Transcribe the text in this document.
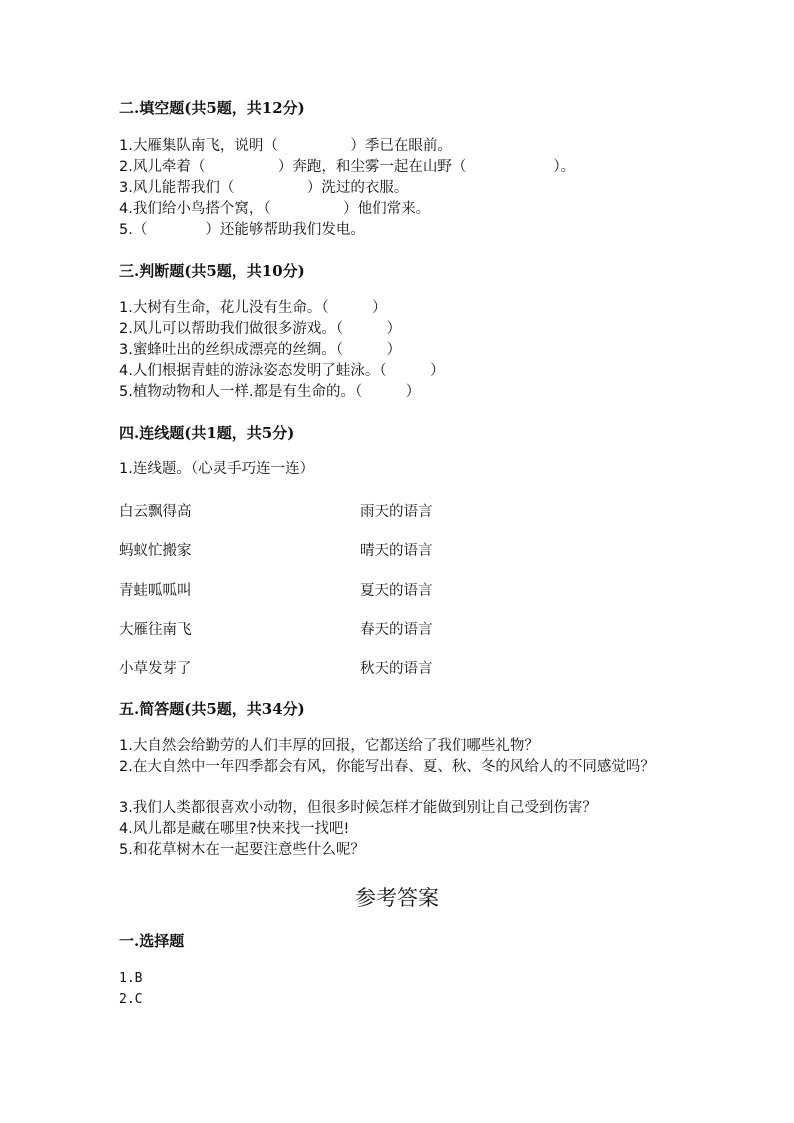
二.填空题(共5题，共12分)
1.大雁集队南飞，说明（　　　　　）季已在眼前。
2.风儿牵着（　　　　　）奔跑，和尘雾一起在山野（　　　　　　）。
3.风儿能帮我们（　　　　　）洗过的衣服。
4.我们给小鸟搭个窝，（　　　　　）他们常来。
5.（　　　　）还能够帮助我们发电。
三.判断题(共5题，共10分)
1.大树有生命，花儿没有生命。（　　　）
2.风儿可以帮助我们做很多游戏。（　　　）
3.蜜蜂吐出的丝织成漂亮的丝绸。（　　　）
4.人们根据青蛙的游泳姿态发明了蛙泳。（　　　）
5.植物动物和人一样.都是有生命的。（　　　）
四.连线题(共1题，共5分)
1.连线题。（心灵手巧连一连）
白云飘得高	雨天的语言
蚂蚁忙搬家	晴天的语言
青蛙呱呱叫	夏天的语言
大雁往南飞	春天的语言
小草发芽了	秋天的语言
五.简答题(共5题，共34分)
1.大自然会给勤劳的人们丰厚的回报，它都送给了我们哪些礼物？
2.在大自然中一年四季都会有风，你能写出春、夏、秋、冬的风给人的不同感觉吗？
3.我们人类都很喜欢小动物，但很多时候怎样才能做到别让自己受到伤害？
4.风儿都是藏在哪里?快来找一找吧!
5.和花草树木在一起要注意些什么呢？
参考答案
一.选择题
1.B
2.C
